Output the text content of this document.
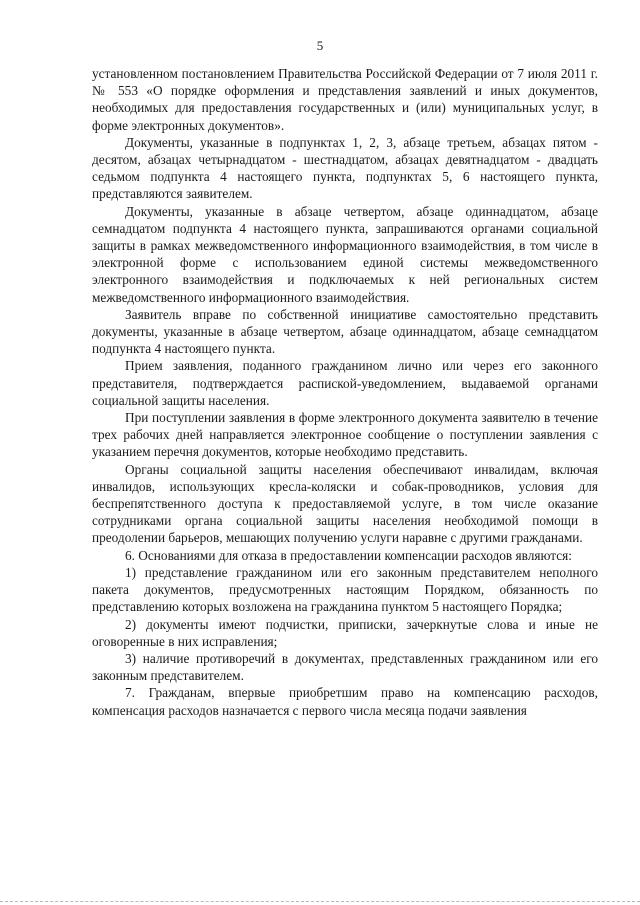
5

установленном постановлением Правительства Российской Федерации от 7 июля 2011 г. № 553 «О порядке оформления и представления заявлений и иных документов, необходимых для предоставления государственных и (или) муниципальных услуг, в форме электронных документов».

Документы, указанные в подпунктах 1, 2, 3, абзаце третьем, абзацах пятом - десятом, абзацах четырнадцатом - шестнадцатом, абзацах девятнадцатом - двадцать седьмом подпункта 4 настоящего пункта, подпунктах 5, 6 настоящего пункта, представляются заявителем.

Документы, указанные в абзаце четвертом, абзаце одиннадцатом, абзаце семнадцатом подпункта 4 настоящего пункта, запрашиваются органами социальной защиты в рамках межведомственного информационного взаимодействия, в том числе в электронной форме с использованием единой системы межведомственного электронного взаимодействия и подключаемых к ней региональных систем межведомственного информационного взаимодействия.

Заявитель вправе по собственной инициативе самостоятельно представить документы, указанные в абзаце четвертом, абзаце одиннадцатом, абзаце семнадцатом подпункта 4 настоящего пункта.

Прием заявления, поданного гражданином лично или через его законного представителя, подтверждается распиской-уведомлением, выдаваемой органами социальной защиты населения.

При поступлении заявления в форме электронного документа заявителю в течение трех рабочих дней направляется электронное сообщение о поступлении заявления с указанием перечня документов, которые необходимо представить.

Органы социальной защиты населения обеспечивают инвалидам, включая инвалидов, использующих кресла-коляски и собак-проводников, условия для беспрепятственного доступа к предоставляемой услуге, в том числе оказание сотрудниками органа социальной защиты населения необходимой помощи в преодолении барьеров, мешающих получению услуги наравне с другими гражданами.

6. Основаниями для отказа в предоставлении компенсации расходов являются:

1) представление гражданином или его законным представителем неполного пакета документов, предусмотренных настоящим Порядком, обязанность по представлению которых возложена на гражданина пунктом 5 настоящего Порядка;

2) документы имеют подчистки, приписки, зачеркнутые слова и иные не оговоренные в них исправления;

3) наличие противоречий в документах, представленных гражданином или его законным представителем.

7. Гражданам, впервые приобретшим право на компенсацию расходов, компенсация расходов назначается с первого числа месяца подачи заявления
